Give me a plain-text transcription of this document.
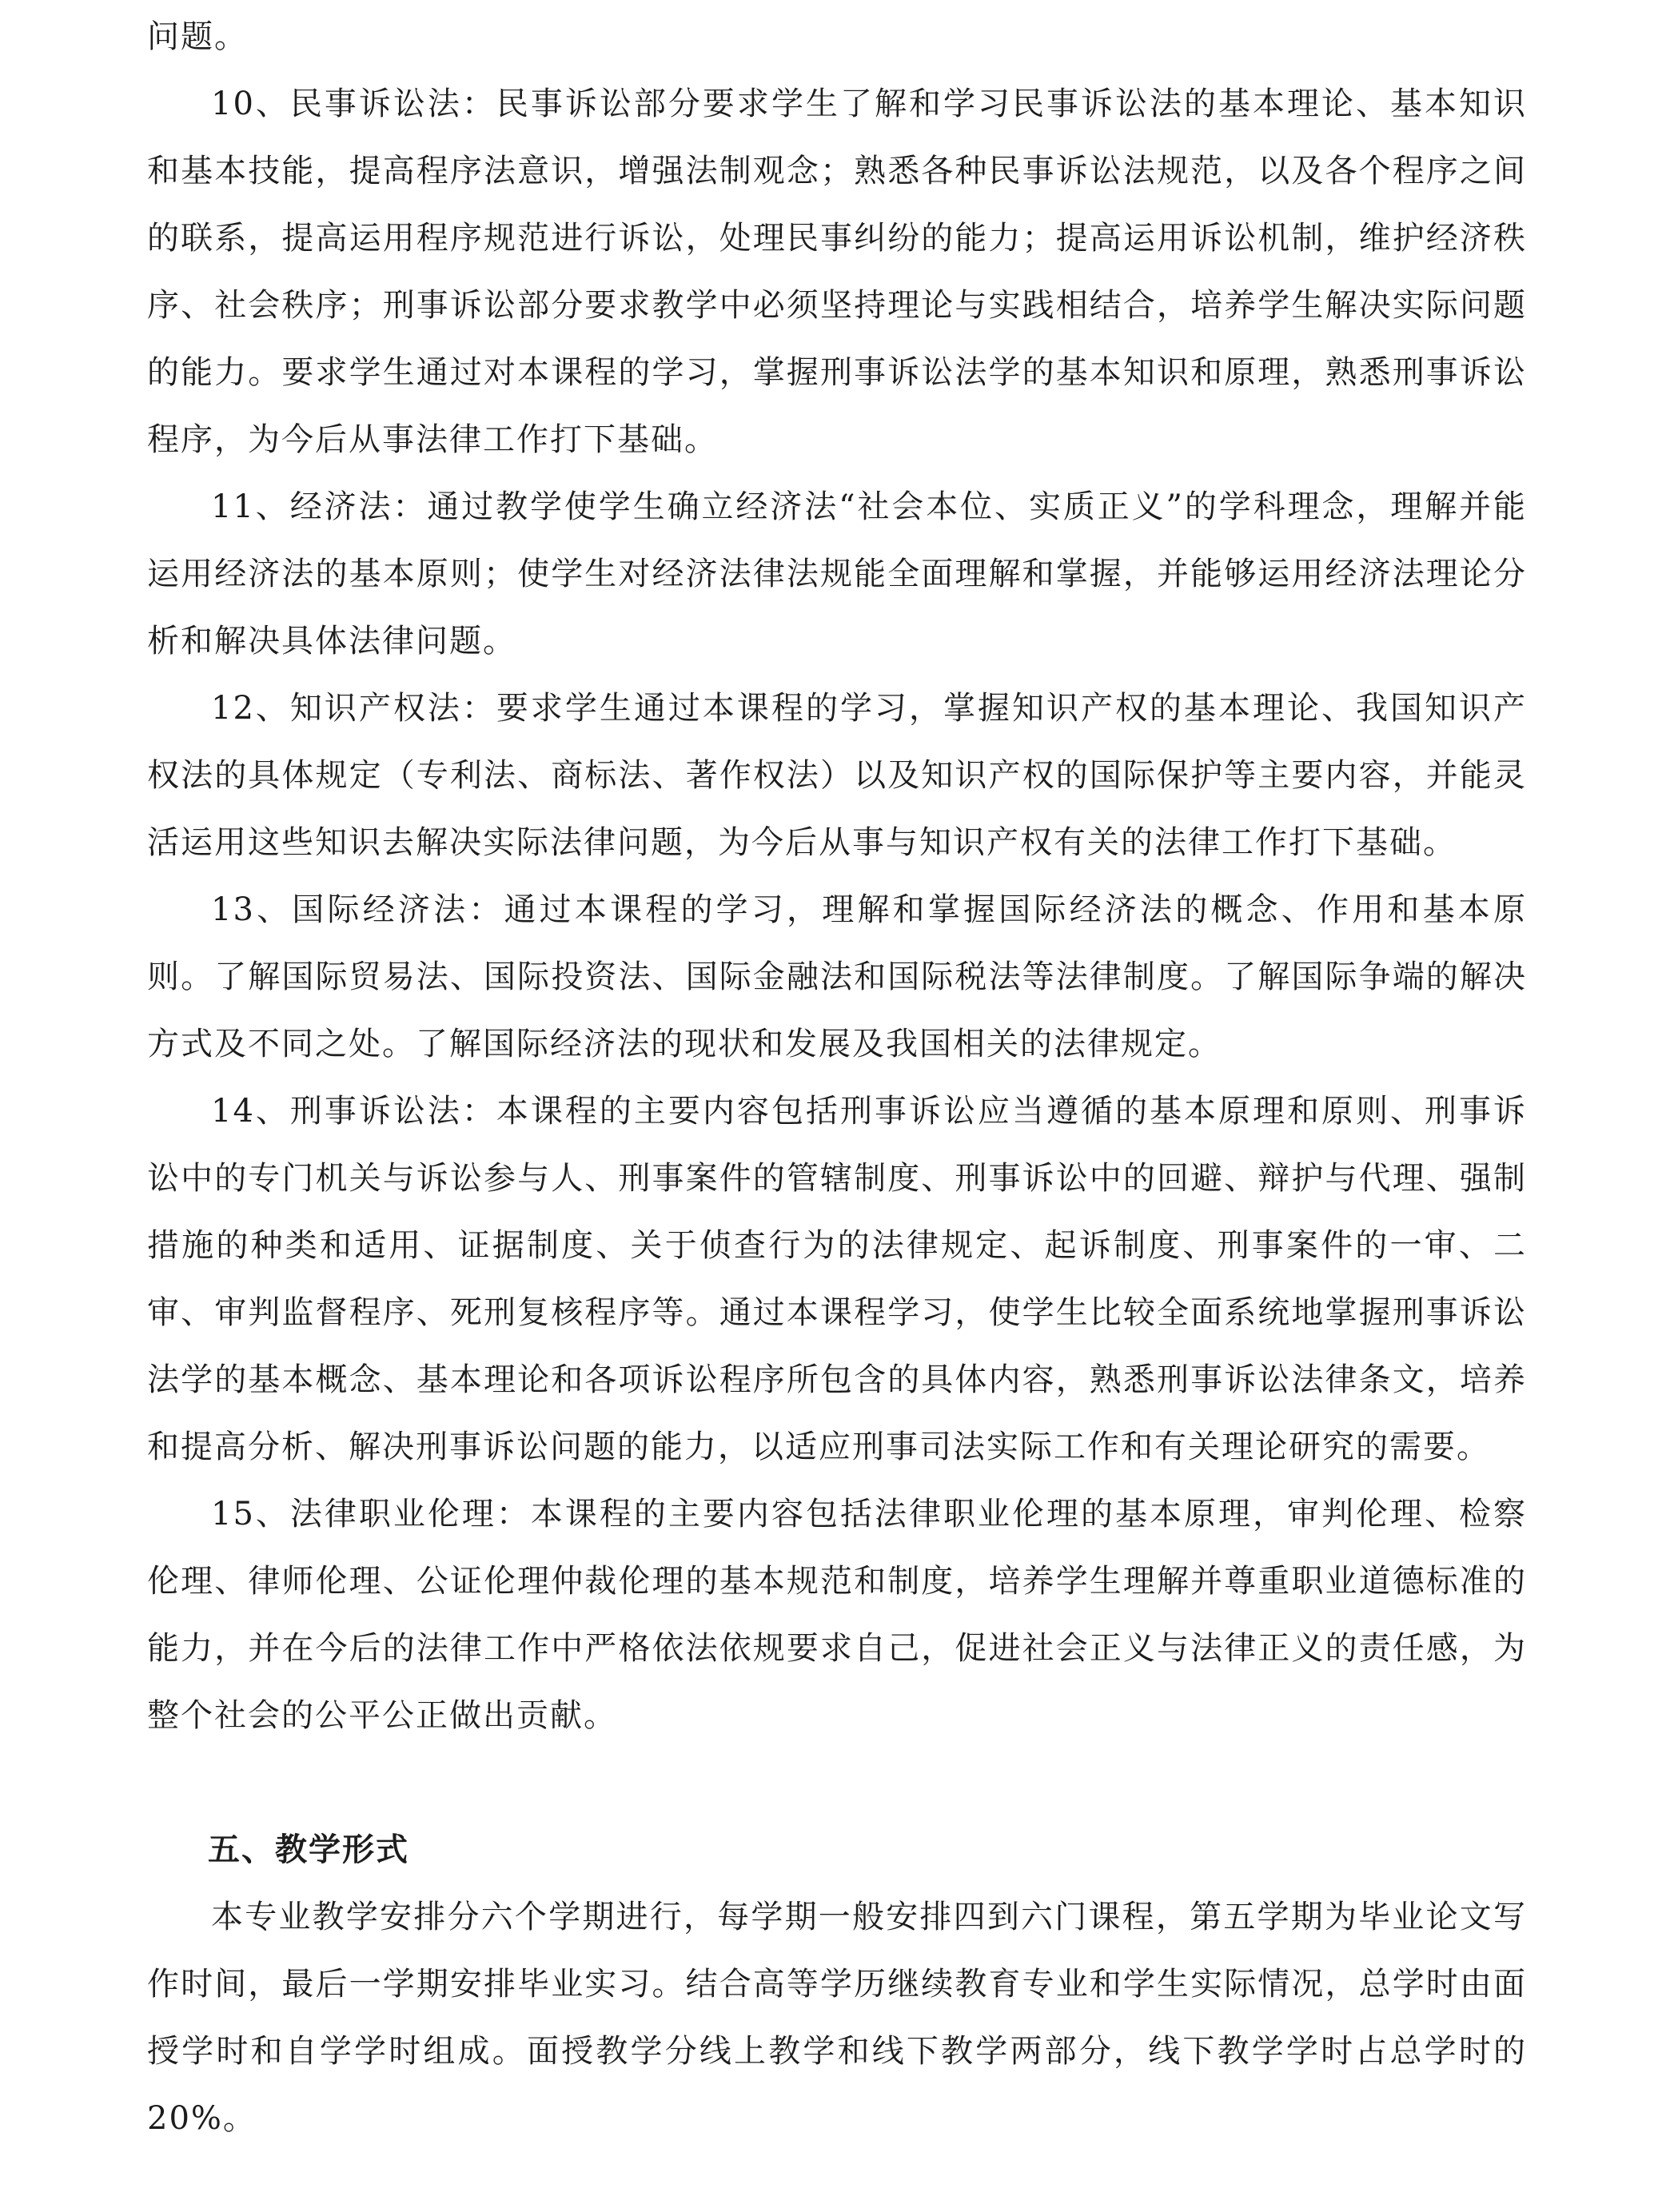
问题。

10、民事诉讼法：民事诉讼部分要求学生了解和学习民事诉讼法的基本理论、基本知识和基本技能，提高程序法意识，增强法制观念；熟悉各种民事诉讼法规范，以及各个程序之间的联系，提高运用程序规范进行诉讼，处理民事纠纷的能力；提高运用诉讼机制，维护经济秩序、社会秩序；刑事诉讼部分要求教学中必须坚持理论与实践相结合，培养学生解决实际问题的能力。要求学生通过对本课程的学习，掌握刑事诉讼法学的基本知识和原理，熟悉刑事诉讼程序，为今后从事法律工作打下基础。

11、经济法：通过教学使学生确立经济法“社会本位、实质正义”的学科理念，理解并能运用经济法的基本原则；使学生对经济法律法规能全面理解和掌握，并能够运用经济法理论分析和解决具体法律问题。

12、知识产权法：要求学生通过本课程的学习，掌握知识产权的基本理论、我国知识产权法的具体规定（专利法、商标法、著作权法）以及知识产权的国际保护等主要内容，并能灵活运用这些知识去解决实际法律问题，为今后从事与知识产权有关的法律工作打下基础。

13、国际经济法：通过本课程的学习，理解和掌握国际经济法的概念、作用和基本原则。了解国际贸易法、国际投资法、国际金融法和国际税法等法律制度。了解国际争端的解决方式及不同之处。了解国际经济法的现状和发展及我国相关的法律规定。

14、刑事诉讼法：本课程的主要内容包括刑事诉讼应当遵循的基本原理和原则、刑事诉讼中的专门机关与诉讼参与人、刑事案件的管辖制度、刑事诉讼中的回避、辩护与代理、强制措施的种类和适用、证据制度、关于侦查行为的法律规定、起诉制度、刑事案件的一审、二审、审判监督程序、死刑复核程序等。通过本课程学习，使学生比较全面系统地掌握刑事诉讼法学的基本概念、基本理论和各项诉讼程序所包含的具体内容，熟悉刑事诉讼法律条文，培养和提高分析、解决刑事诉讼问题的能力，以适应刑事司法实际工作和有关理论研究的需要。

15、法律职业伦理：本课程的主要内容包括法律职业伦理的基本原理，审判伦理、检察伦理、律师伦理、公证伦理仲裁伦理的基本规范和制度，培养学生理解并尊重职业道德标准的能力，并在今后的法律工作中严格依法依规要求自己，促进社会正义与法律正义的责任感，为整个社会的公平公正做出贡献。

五、教学形式

本专业教学安排分六个学期进行，每学期一般安排四到六门课程，第五学期为毕业论文写作时间，最后一学期安排毕业实习。结合高等学历继续教育专业和学生实际情况，总学时由面授学时和自学学时组成。面授教学分线上教学和线下教学两部分，线下教学学时占总学时的20%。
